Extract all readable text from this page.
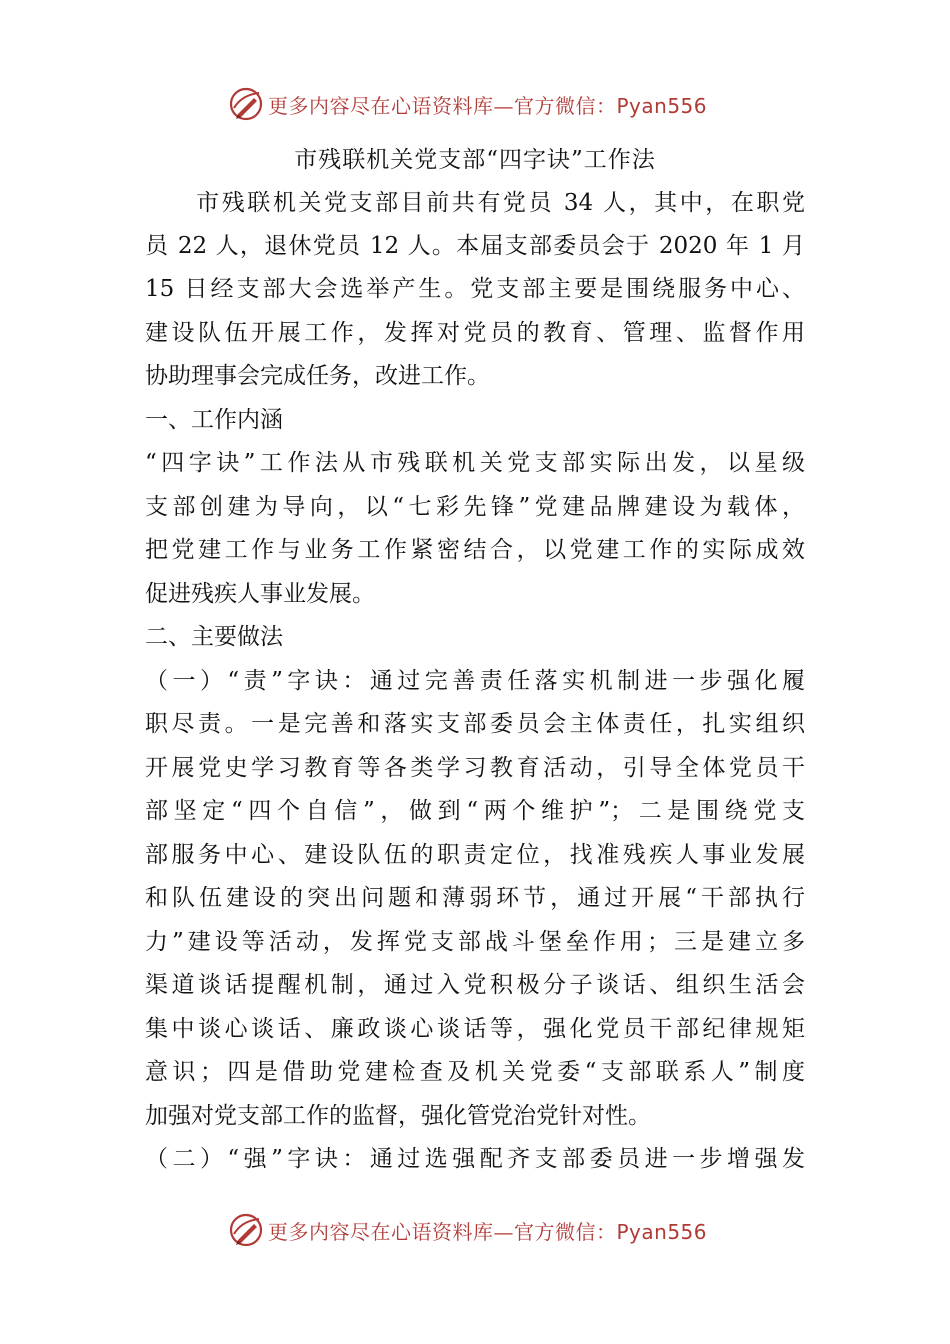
更多内容尽在心语资料库—官方微信：Pyan556
市残联机关党支部“四字诀”工作法
　　市残联机关党支部目前共有党员 34 人，其中，在职党
员 22 人，退休党员 12 人。本届支部委员会于 2020 年 1 月
15 日经支部大会选举产生。党支部主要是围绕服务中心、
建设队伍开展工作，发挥对党员的教育、管理、监督作用
协助理事会完成任务，改进工作。
一、工作内涵
“四字诀”工作法从市残联机关党支部实际出发，以星级
支部创建为导向，以“七彩先锋”党建品牌建设为载体，
把党建工作与业务工作紧密结合，以党建工作的实际成效
促进残疾人事业发展。
二、主要做法
（一）“责”字诀：通过完善责任落实机制进一步强化履
职尽责。一是完善和落实支部委员会主体责任，扎实组织
开展党史学习教育等各类学习教育活动，引导全体党员干
部坚定“四个自信”，做到“两个维护”；二是围绕党支
部服务中心、建设队伍的职责定位，找准残疾人事业发展
和队伍建设的突出问题和薄弱环节，通过开展“干部执行
力”建设等活动，发挥党支部战斗堡垒作用；三是建立多
渠道谈话提醒机制，通过入党积极分子谈话、组织生活会
集中谈心谈话、廉政谈心谈话等，强化党员干部纪律规矩
意识；四是借助党建检查及机关党委“支部联系人”制度
加强对党支部工作的监督，强化管党治党针对性。
（二）“强”字诀：通过选强配齐支部委员进一步增强发
更多内容尽在心语资料库—官方微信：Pyan556
